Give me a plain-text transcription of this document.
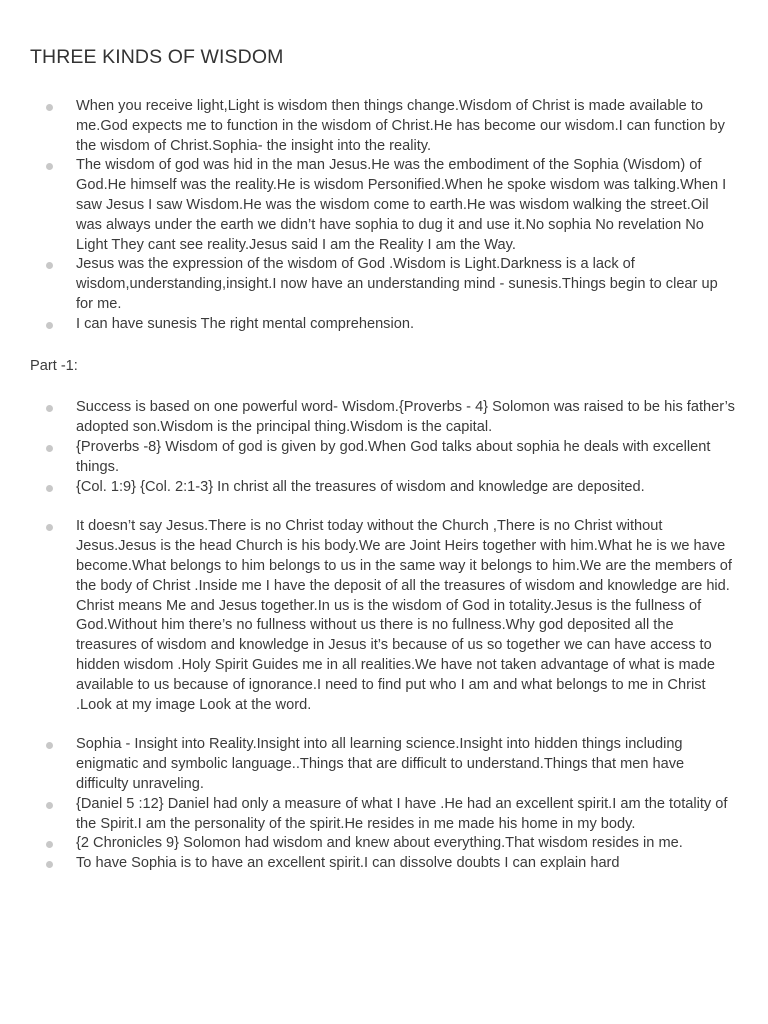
THREE KINDS OF WISDOM
When you receive light,Light is wisdom then things change.Wisdom of Christ is made available to me.God expects me to function in the wisdom of Christ.He has become our wisdom.I can function by the wisdom of Christ.Sophia- the insight into the reality.
The wisdom of god was hid in the man Jesus.He was the embodiment of the Sophia (Wisdom) of God.He himself was the reality.He is wisdom Personified.When he spoke wisdom was talking.When I saw Jesus I saw Wisdom.He was the wisdom come to earth.He was wisdom walking the street.Oil was always under the earth we didn’t have sophia to dug it and use it.No sophia No revelation No Light They cant see reality.Jesus said I am the Reality I am the Way.
Jesus was the expression of the wisdom of God .Wisdom is Light.Darkness is a lack of wisdom,understanding,insight.I now have an understanding mind - sunesis.Things begin to clear up for me.
I can have sunesis The right mental comprehension.
Part -1:
Success is based on one powerful word- Wisdom.{Proverbs - 4} Solomon was raised to be his father’s adopted son.Wisdom is the principal thing.Wisdom is the capital.
{Proverbs -8} Wisdom of god is given by god.When God talks about sophia he deals with excellent things.
{Col. 1:9} {Col. 2:1-3} In christ all the treasures of wisdom and knowledge are deposited.
It doesn’t say Jesus.There is no Christ today without the Church ,There is no Christ without Jesus.Jesus is the head Church is his body.We are Joint Heirs together with him.What he is we have become.What belongs to him belongs to us in the same way it belongs to him.We are the members of the body of Christ .Inside me I have the deposit of all the treasures of wisdom and knowledge are hid. Christ means Me and Jesus together.In us is the wisdom of God in totality.Jesus is the fullness of God.Without him there’s no fullness without us there is no fullness.Why god deposited all the treasures of wisdom and knowledge in Jesus it’s because of us so together we can have access to hidden wisdom .Holy Spirit Guides me in all realities.We have not taken advantage of what is made available to us because of ignorance.I need to find put who I am and what belongs to me in Christ .Look at my image Look at the word.
Sophia - Insight into Reality.Insight into all learning science.Insight into hidden things including enigmatic and symbolic language..Things that are difficult to understand.Things that men have difficulty unraveling.
{Daniel 5 :12} Daniel had only a measure of what I have .He had an excellent spirit.I am the totality of the Spirit.I am the personality of the spirit.He resides in me made his home in my body.
{2 Chronicles 9} Solomon had wisdom and knew about everything.That wisdom resides in me.
To have Sophia is to have an excellent spirit.I can dissolve doubts I can explain hard
